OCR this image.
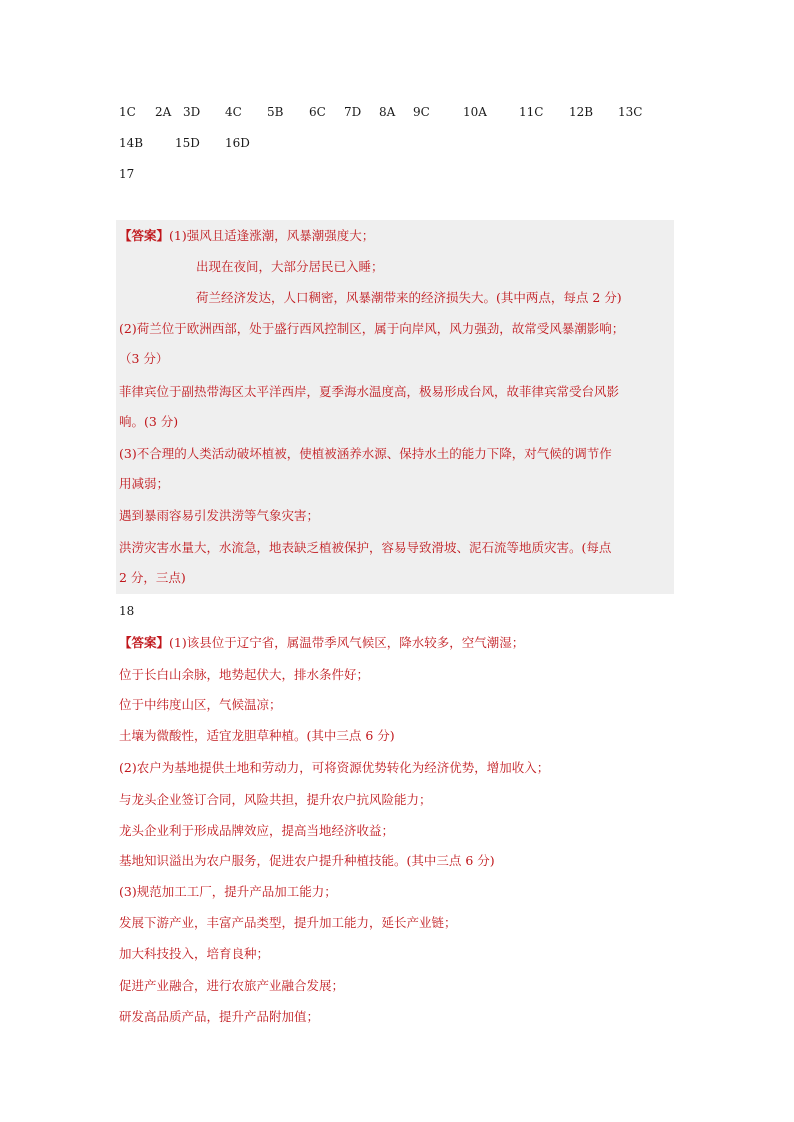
1C 2A 3D 4C 5B 6C 7D 8A 9C	10A	11C 12B 13C
14B	15D 16D
17
【答案】(1)强风且适逢涨潮，风暴潮强度大；
出现在夜间，大部分居民已入睡；
荷兰经济发达，人口稠密，风暴潮带来的经济损失大。(其中两点，每点 2 分)
(2)荷兰位于欧洲西部，处于盛行西风控制区，属于向岸风，风力强劲，故常受风暴潮影响；
（3 分）
菲律宾位于副热带海区太平洋西岸，夏季海水温度高，极易形成台风，故菲律宾常受台风影
响。(3 分)
(3)不合理的人类活动破坏植被，使植被涵养水源、保持水土的能力下降，对气候的调节作
用减弱；
遇到暴雨容易引发洪涝等气象灾害；
洪涝灾害水量大，水流急，地表缺乏植被保护，容易导致滑坡、泥石流等地质灾害。(每点
2 分，三点)
18
【答案】(1)该县位于辽宁省，属温带季风气候区，降水较多，空气潮湿；
位于长白山余脉，地势起伏大，排水条件好；
位于中纬度山区，气候温凉；
土壤为微酸性，适宜龙胆草种植。(其中三点 6 分)
(2)农户为基地提供土地和劳动力，可将资源优势转化为经济优势，增加收入；
与龙头企业签订合同，风险共担，提升农户抗风险能力；
龙头企业利于形成品牌效应，提高当地经济收益；
基地知识溢出为农户服务，促进农户提升种植技能。(其中三点 6 分)
(3)规范加工工厂，提升产品加工能力；
发展下游产业，丰富产品类型，提升加工能力，延长产业链；
加大科技投入，培育良种；
促进产业融合，进行农旅产业融合发展；
研发高品质产品，提升产品附加值；
